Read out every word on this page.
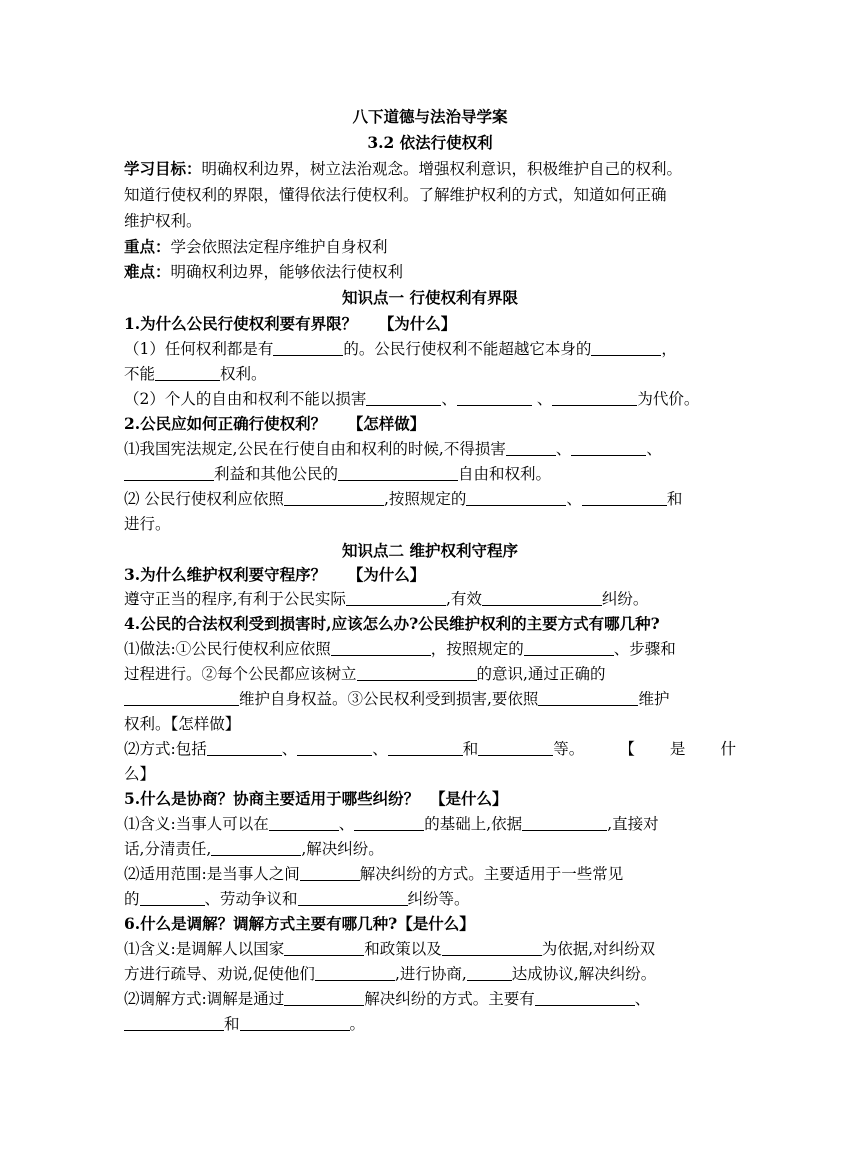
八下道德与法治导学案
3.2 依法行使权利
学习目标：明确权利边界，树立法治观念。增强权利意识，积极维护自己的权利。
知道行使权利的界限，懂得依法行使权利。了解维护权利的方式，知道如何正确
维护权利。
重点：学会依照法定程序维护自身权利
难点：明确权利边界，能够依法行使权利
知识点一 行使权利有界限
1.为什么公民行使权利要有界限？ 【为什么】
（1）任何权利都是有	的。公民行使权利不能超越它本身的	，
不能	权利。
（2）个人的自由和权利不能以损害	、	、	为代价。
2.公民应如何正确行使权利？ 【怎样做】
⑴我国宪法规定,公民在行使自由和权利的时候,不得损害	、	、
利益和其他公民的	自由和权利。
⑵ 公民行使权利应依照	,按照规定的	、	和
进行。
知识点二 维护权利守程序
3.为什么维护权利要守程序？ 【为什么】
遵守正当的程序,有利于公民实际	,有效	纠纷。
4.公民的合法权利受到损害时,应该怎么办?公民维护权利的主要方式有哪几种?
⑴做法:①公民行使权利应依照	，按照规定的	、步骤和
过程进行。②每个公民都应该树立	的意识,通过正确的
维护自身权益。③公民权利受到损害,要依照	维护
权利。【怎样做】
⑵方式:包括	、	、	和	等。 【 是 什
么】
5.什么是协商？协商主要适用于哪些纠纷？ 【是什么】
⑴含义:当事人可以在	、	的基础上,依据	,直接对
话,分清责任,	,解决纠纷。
⑵适用范围:是当事人之间	解决纠纷的方式。主要适用于一些常见
的	、劳动争议和	纠纷等。
6.什么是调解？调解方式主要有哪几种?【是什么】
⑴含义:是调解人以国家	和政策以及	为依据,对纠纷双
方进行疏导、劝说,促使他们	,进行协商,	达成协议,解决纠纷。
⑵调解方式:调解是通过	解决纠纷的方式。主要有	、
和	。
